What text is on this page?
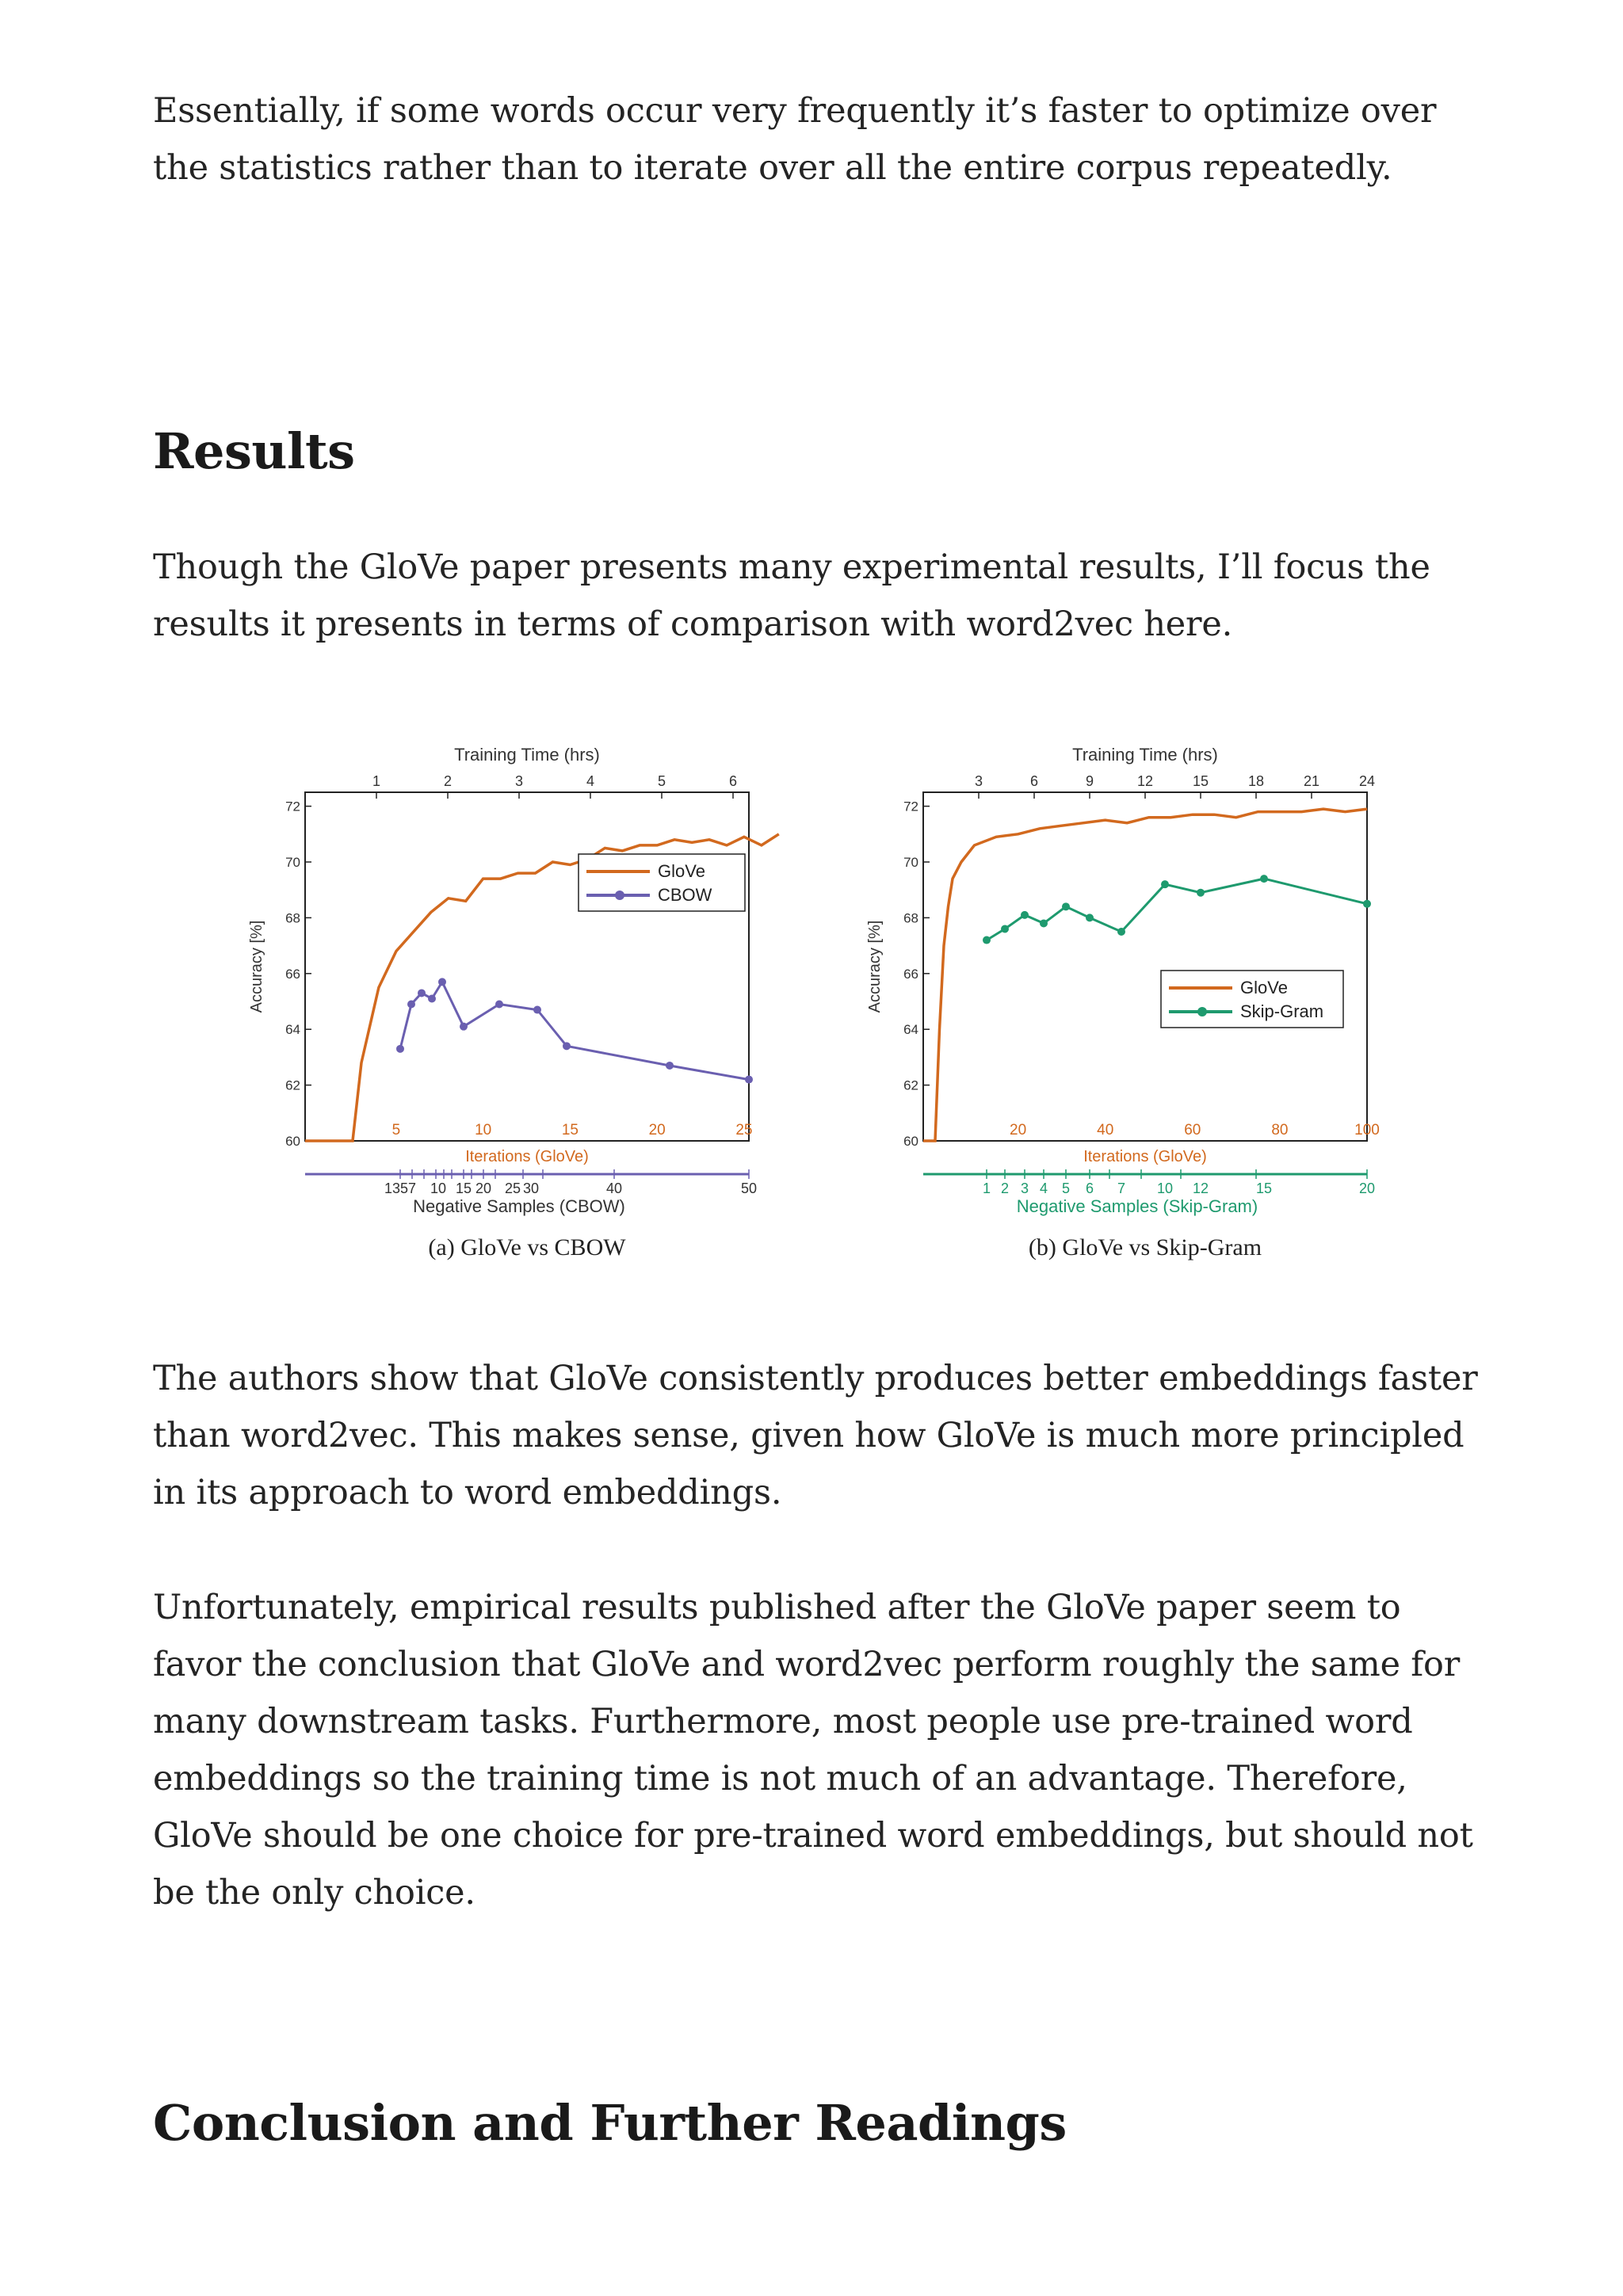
Essentially, if some words occur very frequently it’s faster to optimize over the statistics rather than to iterate over all the entire corpus repeatedly.

Results

Though the GloVe paper presents many experimental results, I’ll focus the results it presents in terms of comparison with word2vec here.

60
62
64
66
68
70
72
Accuracy [%]
Training Time (hrs)
1	2	3	4	5	6
5	10	15	20	25
Iterations (GloVe)
1357 10 15 20 25 30	40	50
Negative Samples (CBOW)
(a) GloVe vs CBOW
GloVe
CBOW
60
62
64
66
68
70
72
Accuracy [%]
Training Time (hrs)
3	6	9	12	15	18	21	24
20	40	60	80	100
Iterations (GloVe)
1 2 3 4 5 6 7 10 12	15	20
Negative Samples (Skip-Gram)
(b) GloVe vs Skip-Gram
GloVe
Skip-Gram

The authors show that GloVe consistently produces better embeddings faster than word2vec. This makes sense, given how GloVe is much more principled in its approach to word embeddings.

Unfortunately, empirical results published after the GloVe paper seem to favor the conclusion that GloVe and word2vec perform roughly the same for many downstream tasks. Furthermore, most people use pre-trained word embeddings so the training time is not much of an advantage. Therefore, GloVe should be one choice for pre-trained word embeddings, but should not be the only choice.

Conclusion and Further Readings
